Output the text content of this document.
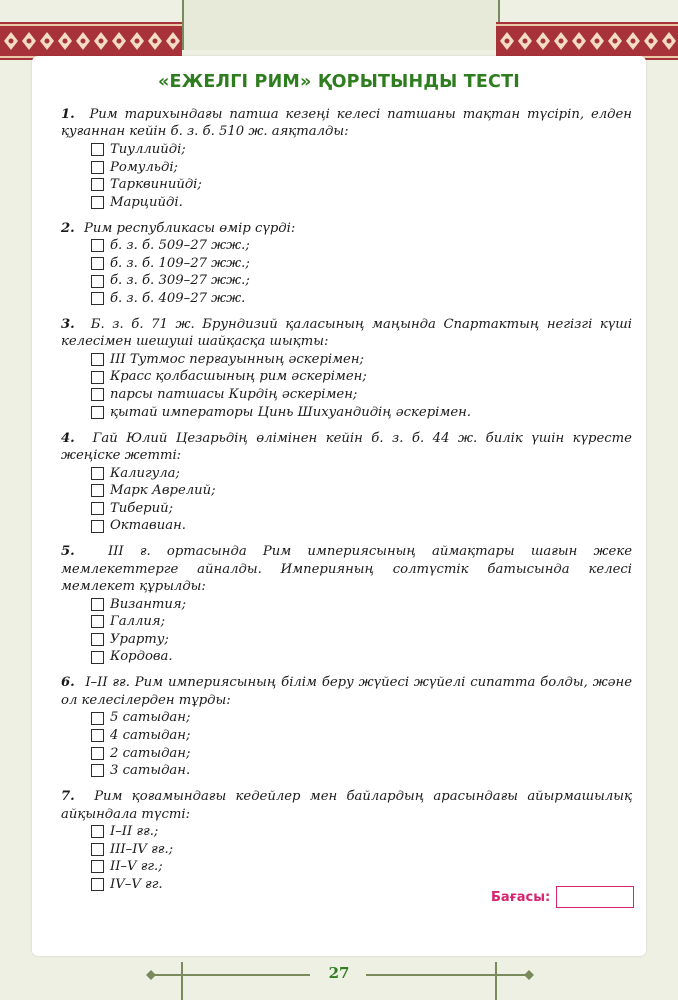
«ЕЖЕЛГІ РИМ» ҚОРЫТЫНДЫ ТЕСТІ
1. Рим тарихындағы патша кезеңі келесі патшаны тақтан түсіріп, елден қуғаннан кейін б. з. б. 510 ж. аяқталды:
Тиуллийді;
Ромульді;
Тарквинийді;
Марцийді.
2. Рим республикасы өмір сүрді:
б. з. б. 509–27 жж.;
б. з. б. 109–27 жж.;
б. з. б. 309–27 жж.;
б. з. б. 409–27 жж.
3. Б. з. б. 71 ж. Брундизий қаласының маңында Спартактың негізгі күші келесімен шешуші шайқасқа шықты:
ІІІ Тутмос перғауынның әскерімен;
Красс қолбасшының рим әскерімен;
парсы патшасы Кирдің әскерімен;
қытай императоры Цинь Шихуандидің әскерімен.
4. Гай Юлий Цезарьдің өлімінен кейін б. з. б. 44 ж. билік үшін күресте жеңіске жетті:
Калигула;
Марк Аврелий;
Тиберий;
Октавиан.
5.	ІІІ ғ. ортасында Рим империясының аймақтары шағын жеке мемлекеттерге айналды. Империяның солтүстік батысында келесі мемлекет құрылды:
Византия;
Галлия;
Урарту;
Кордова.
6. І–ІІ ғғ. Рим империясының білім беру жүйесі жүйелі сипатта болды, және ол келесілерден тұрды:
5 сатыдан;
4 сатыдан;
2 сатыдан;
3 сатыдан.
7. Рим қоғамындағы кедейлер мен байлардың арасындағы айырмашылық айқындала түсті:
І–ІІ ғғ.;
ІІІ–ІV ғғ.;
ІІ–V ғг.;
ІV–V ғг.
Бағасы:
27
